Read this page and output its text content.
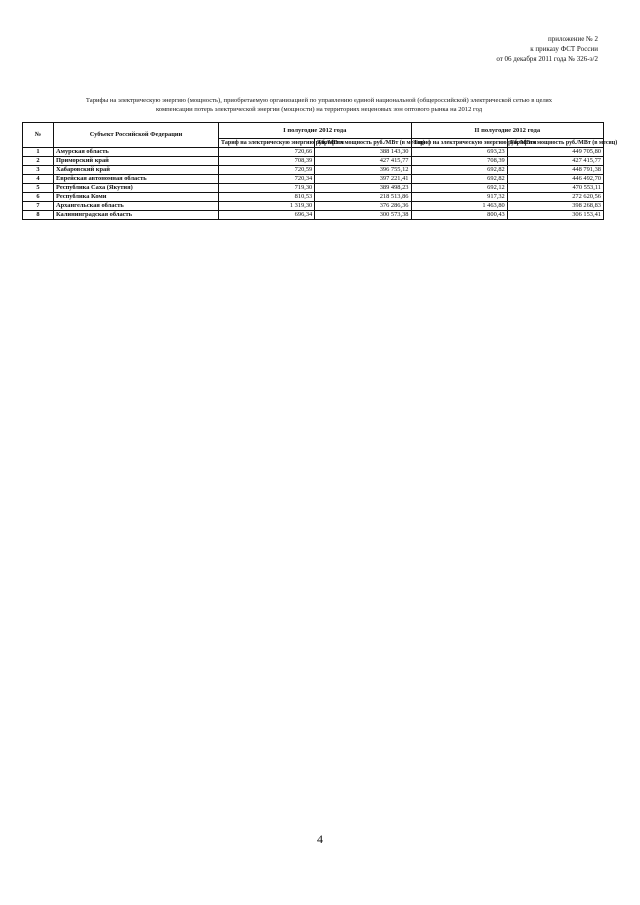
приложение № 2
к приказу ФСТ России
от 06 декабря 2011 года № 326-э/2
Тарифы на электрическую энергию (мощность), приобретаемую организацией по управлению единой национальной (общероссийской) электрической сетью в целях
компенсации потерь электрической энергии (мощности) на территориях неценовых зон оптового рынка на 2012 год
№	Субъект Российской Федерации	I полугодие 2012 года		II полугодие 2012 года	
		Тариф на электрическую энергию руб./МВтч	Тариф на мощность руб./МВт (в месяц)	Тариф на электрическую энергию руб./МВтч	Тариф на мощность руб./МВт (в месяц)
1	Амурская область	720,66	388 143,30	693,23	449 705,80
2	Приморский край	708,39	427 415,77	708,39	427 415,77
3	Хабаровский край	720,59	396 755,12	692,82	448 791,38
4	Еврейская автономная область	720,34	397 221,41	692,82	446 492,70
5	Республика Саха (Якутия)	719,30	389 498,23	692,12	470 553,11
6	Республика Коми	810,53	218 513,86	917,32	272 620,56
7	Архангельская область	1 319,30	376 286,36	1 463,80	398 268,83
8	Калининградская область	696,34	300 573,38	800,43	306 153,41
4
